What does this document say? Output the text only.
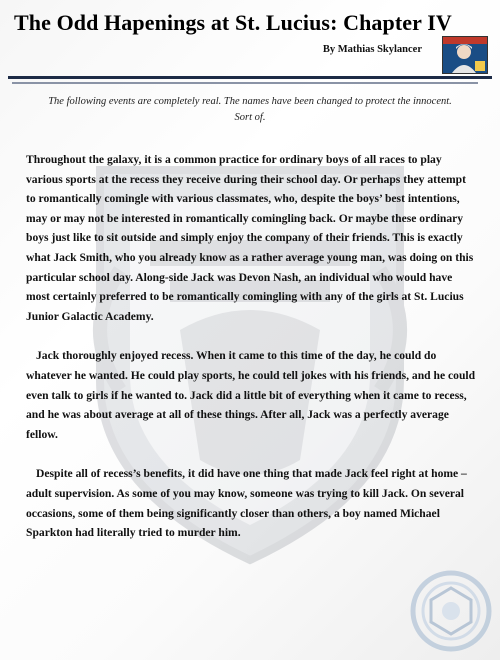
The Odd Hapenings at St. Lucius: Chapter IV
By Mathias Skylancer

The following events are completely real. The names have been changed to protect the innocent.

Sort of.

Throughout the galaxy, it is a common practice for ordinary boys of all races to play various sports at the recess they receive during their school day. Or perhaps they attempt to romantically comingle with various classmates, who, despite the boys’ best intentions, may or may not be interested in romantically comingling back. Or maybe these ordinary boys just like to sit outside and simply enjoy the company of their friends. This is exactly what Jack Smith, who you already know as a rather average young man, was doing on this particular school day. Along-side Jack was Devon Nash, an individual who would have most certainly preferred to be romantically comingling with any of the girls at St. Lucius Junior Galactic Academy.

Jack thoroughly enjoyed recess. When it came to this time of the day, he could do whatever he wanted. He could play sports, he could tell jokes with his friends, and he could even talk to girls if he wanted to. Jack did a little bit of everything when it came to recess, and he was about average at all of these things. After all, Jack was a perfectly average fellow.

Despite all of recess’s benefits, it did have one thing that made Jack feel right at home – adult supervision. As some of you may know, someone was trying to kill Jack. On several occasions, some of them being significantly closer than others, a boy named Michael Sparkton had literally tried to murder him.
